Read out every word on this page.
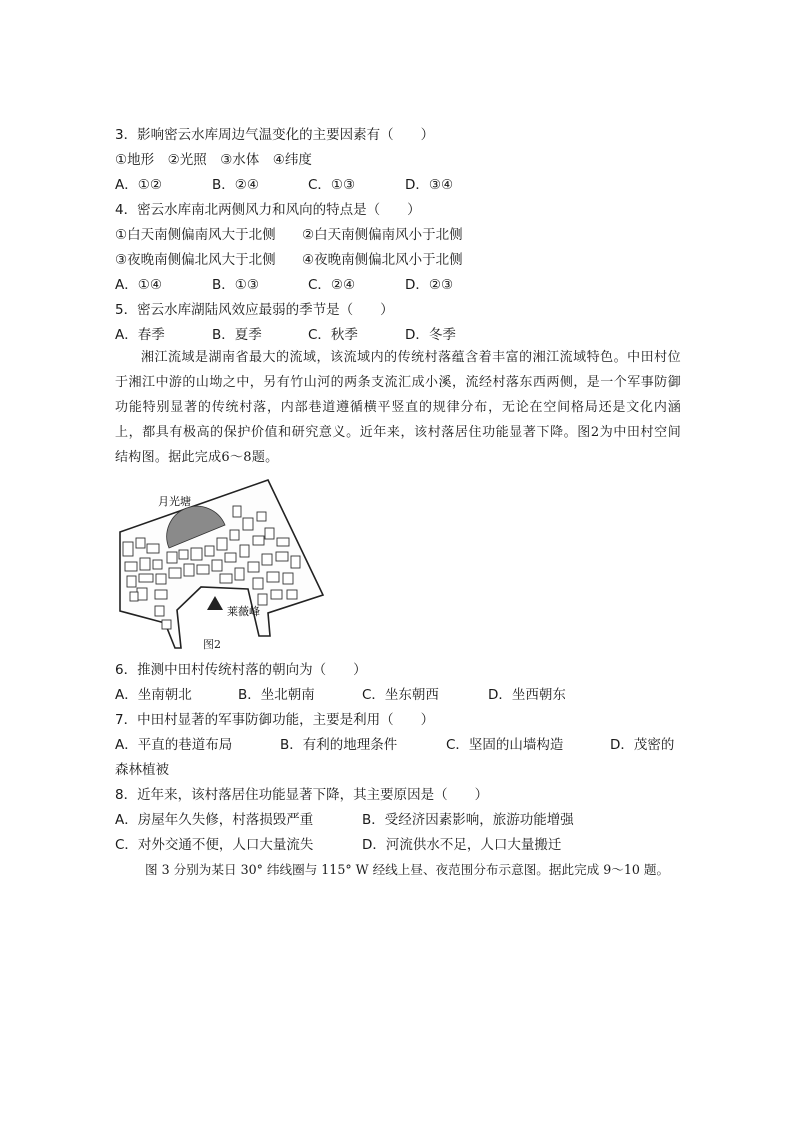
3．影响密云水库周边气温变化的主要因素有（　　）
①地形　②光照　③水体　④纬度
A．①②	B．②④	C．①③	D．③④
4．密云水库南北两侧风力和风向的特点是（　　）
①白天南侧偏南风大于北侧 ②白天南侧偏南风小于北侧
③夜晚南侧偏北风大于北侧 ④夜晚南侧偏北风小于北侧
A．①④	B．①③	C．②④	D．②③
5．密云水库湖陆风效应最弱的季节是（　　）
A．春季	B．夏季	C．秋季	D．冬季
湘江流域是湖南省最大的流域，该流域内的传统村落蕴含着丰富的湘江流域特色。中田村位于湘江中游的山坳之中，另有竹山河的两条支流汇成小溪，流经村落东西两侧，是一个军事防御功能特别显著的传统村落，内部巷道遵循横平竖直的规律分布，无论在空间格局还是文化内涵上，都具有极高的保护价值和研究意义。近年来，该村落居住功能显著下降。图2为中田村空间结构图。据此完成6～8题。
月光塘
莱薇峰
图2
6．推测中田村传统村落的朝向为（　　）
A．坐南朝北	B．坐北朝南	C．坐东朝西	D．坐西朝东
7．中田村显著的军事防御功能，主要是利用（　　）
A．平直的巷道布局	B．有利的地理条件	C．坚固的山墙构造	D．茂密的
森林植被
8．近年来，该村落居住功能显著下降，其主要原因是（　　）
A．房屋年久失修，村落损毁严重	B．受经济因素影响，旅游功能增强
C．对外交通不便，人口大量流失	D．河流供水不足，人口大量搬迁
图 3 分别为某日 30° 纬线圈与 115° W 经线上昼、夜范围分布示意图。据此完成 9～10 题。
